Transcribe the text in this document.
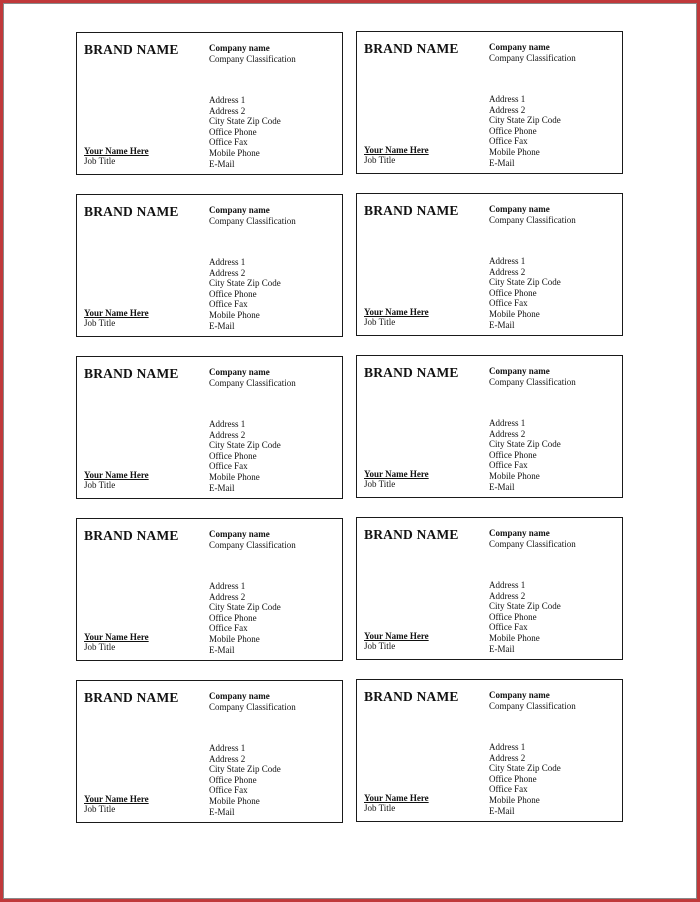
BRAND NAME	Company name
Company Classification
Address 1
Address 2
City State Zip Code
Office Phone
Office Fax
Mobile Phone
E-Mail
Your Name Here
Job Title
BRAND NAME	Company name
Company Classification
Address 1
Address 2
City State Zip Code
Office Phone
Office Fax
Mobile Phone
E-Mail
Your Name Here
Job Title
BRAND NAME	Company name
Company Classification
Address 1
Address 2
City State Zip Code
Office Phone
Office Fax
Mobile Phone
E-Mail
Your Name Here
Job Title
BRAND NAME	Company name
Company Classification
Address 1
Address 2
City State Zip Code
Office Phone
Office Fax
Mobile Phone
E-Mail
Your Name Here
Job Title
BRAND NAME	Company name
Company Classification
Address 1
Address 2
City State Zip Code
Office Phone
Office Fax
Mobile Phone
E-Mail
Your Name Here
Job Title
BRAND NAME	Company name
Company Classification
Address 1
Address 2
City State Zip Code
Office Phone
Office Fax
Mobile Phone
E-Mail
Your Name Here
Job Title
BRAND NAME	Company name
Company Classification
Address 1
Address 2
City State Zip Code
Office Phone
Office Fax
Mobile Phone
E-Mail
Your Name Here
Job Title
BRAND NAME	Company name
Company Classification
Address 1
Address 2
City State Zip Code
Office Phone
Office Fax
Mobile Phone
E-Mail
Your Name Here
Job Title
BRAND NAME	Company name
Company Classification
Address 1
Address 2
City State Zip Code
Office Phone
Office Fax
Mobile Phone
E-Mail
Your Name Here
Job Title
BRAND NAME	Company name
Company Classification
Address 1
Address 2
City State Zip Code
Office Phone
Office Fax
Mobile Phone
E-Mail
Your Name Here
Job Title
